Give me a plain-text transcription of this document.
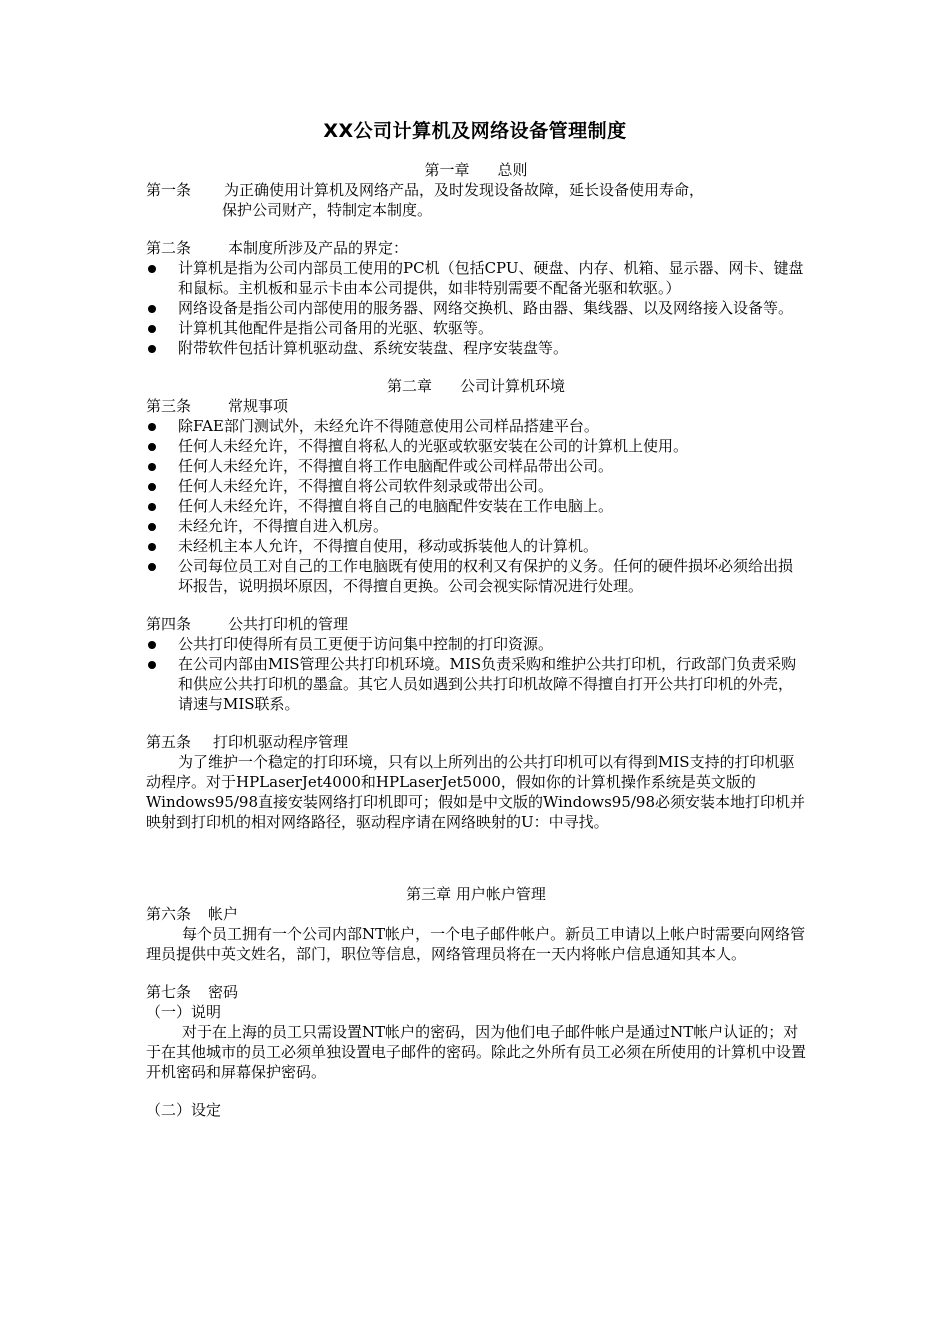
XX公司计算机及网络设备管理制度
第一章 总则
第一条 为正确使用计算机及网络产品，及时发现设备故障，延长设备使用寿命，
保护公司财产，特制定本制度。
第二条 本制度所涉及产品的界定：
计算机是指为公司内部员工使用的PC机（包括CPU、硬盘、内存、机箱、显示器、网卡、键盘和鼠标。主机板和显示卡由本公司提供，如非特别需要不配备光驱和软驱。）
网络设备是指公司内部使用的服务器、网络交换机、路由器、集线器、以及网络接入设备等。
计算机其他配件是指公司备用的光驱、软驱等。
附带软件包括计算机驱动盘、系统安装盘、程序安装盘等。
第二章 公司计算机环境
第三条 常规事项
除FAE部门测试外，未经允许不得随意使用公司样品搭建平台。
任何人未经允许，不得擅自将私人的光驱或软驱安装在公司的计算机上使用。
任何人未经允许，不得擅自将工作电脑配件或公司样品带出公司。
任何人未经允许，不得擅自将公司软件刻录或带出公司。
任何人未经允许，不得擅自将自己的电脑配件安装在工作电脑上。
未经允许，不得擅自进入机房。
未经机主本人允许，不得擅自使用，移动或拆装他人的计算机。
公司每位员工对自己的工作电脑既有使用的权利又有保护的义务。任何的硬件损坏必须给出损坏报告，说明损坏原因，不得擅自更换。公司会视实际情况进行处理。
第四条 公共打印机的管理
公共打印使得所有员工更便于访问集中控制的打印资源。
在公司内部由MIS管理公共打印机环境。MIS负责采购和维护公共打印机，行政部门负责采购和供应公共打印机的墨盒。其它人员如遇到公共打印机故障不得擅自打开公共打印机的外壳，请速与MIS联系。
第五条 打印机驱动程序管理
为了维护一个稳定的打印环境，只有以上所列出的公共打印机可以有得到MIS支持的打印机驱动程序。对于HPLaserJet4000和HPLaserJet5000，假如你的计算机操作系统是英文版的Windows95/98直接安装网络打印机即可；假如是中文版的Windows95/98必须安装本地打印机并映射到打印机的相对网络路径，驱动程序请在网络映射的U：中寻找。
第三章 用户帐户管理
第六条 帐户
每个员工拥有一个公司内部NT帐户，一个电子邮件帐户。新员工申请以上帐户时需要向网络管理员提供中英文姓名，部门，职位等信息，网络管理员将在一天内将帐户信息通知其本人。
第七条 密码
（一）说明
对于在上海的员工只需设置NT帐户的密码，因为他们电子邮件帐户是通过NT帐户认证的；对于在其他城市的员工必须单独设置电子邮件的密码。除此之外所有员工必须在所使用的计算机中设置开机密码和屏幕保护密码。
（二）设定
